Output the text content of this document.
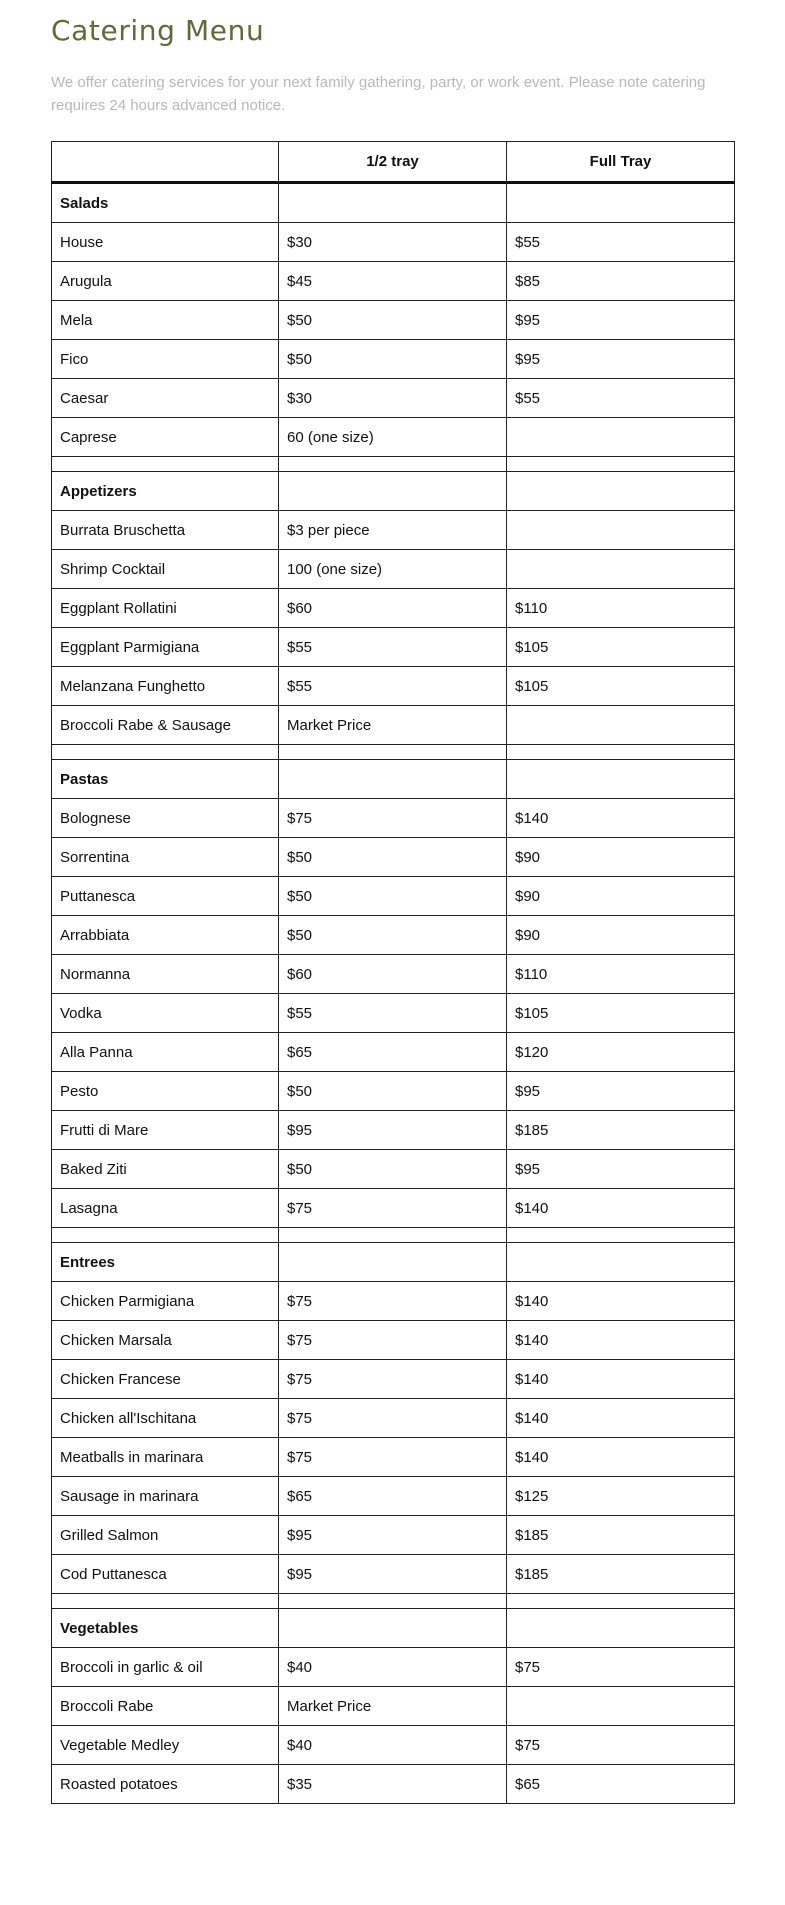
Catering Menu

We offer catering services for your next family gathering, party, or work event. Please note catering requires 24 hours advanced notice.

	1/2 tray	Full Tray
Salads		
House	$30	$55
Arugula	$45	$85
Mela	$50	$95
Fico	$50	$95
Caesar	$30	$55
Caprese	60 (one size)	

Appetizers		
Burrata Bruschetta	$3 per piece	
Shrimp Cocktail	100 (one size)	
Eggplant Rollatini	$60	$110
Eggplant Parmigiana	$55	$105
Melanzana Funghetto	$55	$105
Broccoli Rabe & Sausage	Market Price	

Pastas		
Bolognese	$75	$140
Sorrentina	$50	$90
Puttanesca	$50	$90
Arrabbiata	$50	$90
Normanna	$60	$110
Vodka	$55	$105
Alla Panna	$65	$120
Pesto	$50	$95
Frutti di Mare	$95	$185
Baked Ziti	$50	$95
Lasagna	$75	$140

Entrees		
Chicken Parmigiana	$75	$140
Chicken Marsala	$75	$140
Chicken Francese	$75	$140
Chicken all'Ischitana	$75	$140
Meatballs in marinara	$75	$140
Sausage in marinara	$65	$125
Grilled Salmon	$95	$185
Cod Puttanesca	$95	$185

Vegetables		
Broccoli in garlic & oil	$40	$75
Broccoli Rabe	Market Price	
Vegetable Medley	$40	$75
Roasted potatoes	$35	$65
